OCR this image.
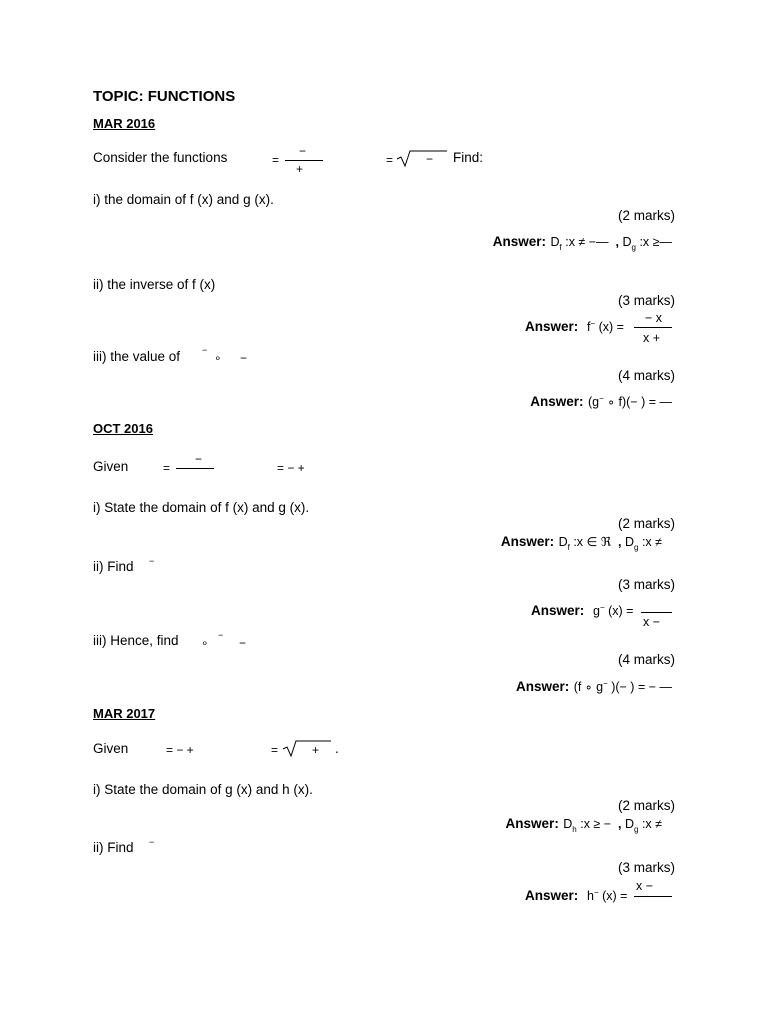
TOPIC: FUNCTIONS
MAR 2016
Consider the functions	=
−
+
=	− Find:
i) the domain of f (x) and g (x).
(2 marks)
Answer: $D_f$ :x ≠ −— , $D_g$ :x ≥—
ii) the inverse of f (x)
(3 marks)
Answer: f− (x) =
− x
x +
iii) the value of −
∘ −
(4 marks)
Answer: (g− ∘ f)(− ) = —
OCT 2016
Given	=
−
= − +
i) State the domain of f (x) and g (x).
(2 marks)
Answer: $D_f$ :x ∈ ℜ , $D_g$ :x ≠
ii) Find −
(3 marks)
Answer: g− (x) =
x −
iii) Hence, find ∘
−
−
(4 marks)
Answer: (f ∘ g− )(− ) = − —
MAR 2017
Given	= − +	=	+ .
i) State the domain of g (x) and h (x).
(2 marks)
Answer: $D_h$ :x ≥ − , $D_g$ :x ≠
ii) Find −
(3 marks)
Answer: h− (x) =
x −
